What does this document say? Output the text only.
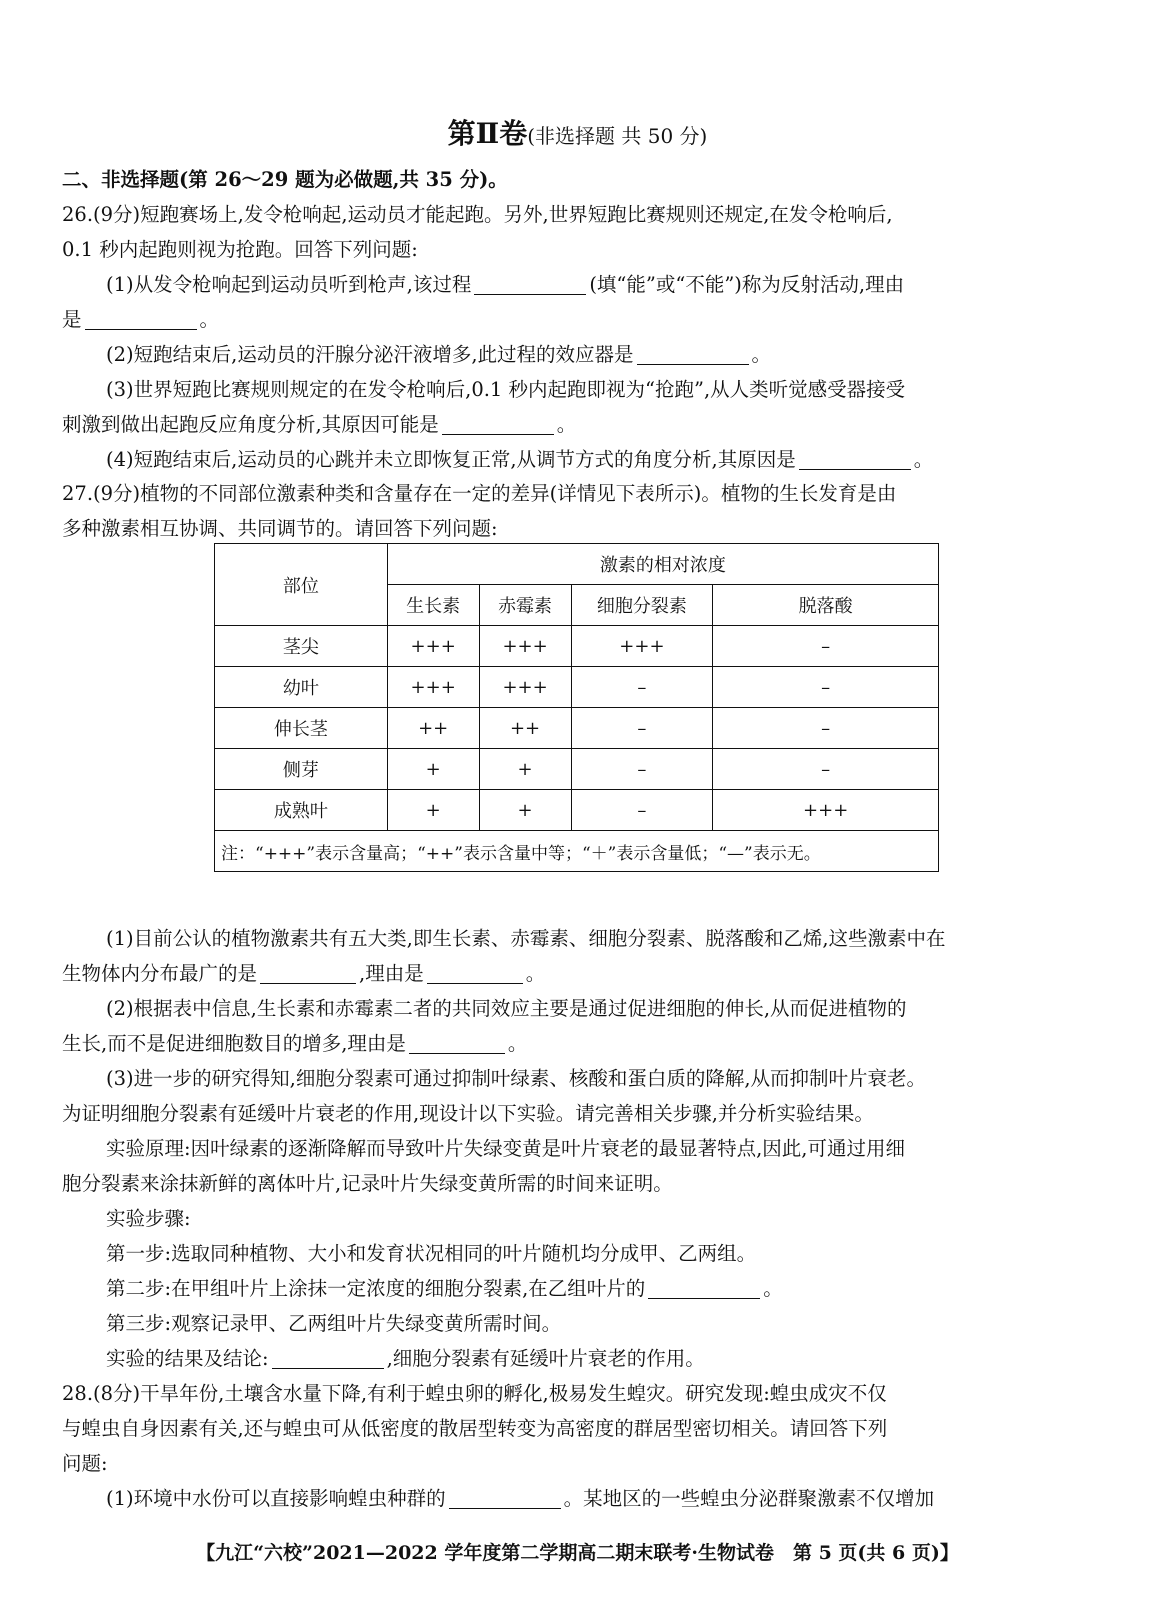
第Ⅱ卷(非选择题 共 50 分)
二、非选择题(第 26～29 题为必做题,共 35 分)。
26.(9分)短跑赛场上,发令枪响起,运动员才能起跑。另外,世界短跑比赛规则还规定,在发令枪响后,
0.1 秒内起跑则视为抢跑。回答下列问题:
(1)从发令枪响起到运动员听到枪声,该过程	(填“能”或“不能”)称为反射活动,理由
是	。
(2)短跑结束后,运动员的汗腺分泌汗液增多,此过程的效应器是	。
(3)世界短跑比赛规则规定的在发令枪响后,0.1 秒内起跑即视为“抢跑”,从人类听觉感受器接受
刺激到做出起跑反应角度分析,其原因可能是	。
(4)短跑结束后,运动员的心跳并未立即恢复正常,从调节方式的角度分析,其原因是	。
27.(9分)植物的不同部位激素种类和含量存在一定的差异(详情见下表所示)。植物的生长发育是由
多种激素相互协调、共同调节的。请回答下列问题:
部位	激素的相对浓度			
	生长素	赤霉素	细胞分裂素	脱落酸
茎尖	+++	+++	+++	–
幼叶	+++	+++	–	–
伸长茎	++	++	–	–
侧芽	+	+	–	–
成熟叶	+	+	–	+++
注：“+++”表示含量高；“++”表示含量中等；“＋”表示含量低；“—”表示无。				
(1)目前公认的植物激素共有五大类,即生长素、赤霉素、细胞分裂素、脱落酸和乙烯,这些激素中在
生物体内分布最广的是	,理由是	。
(2)根据表中信息,生长素和赤霉素二者的共同效应主要是通过促进细胞的伸长,从而促进植物的
生长,而不是促进细胞数目的增多,理由是	。
(3)进一步的研究得知,细胞分裂素可通过抑制叶绿素、核酸和蛋白质的降解,从而抑制叶片衰老。
为证明细胞分裂素有延缓叶片衰老的作用,现设计以下实验。请完善相关步骤,并分析实验结果。
实验原理:因叶绿素的逐渐降解而导致叶片失绿变黄是叶片衰老的最显著特点,因此,可通过用细
胞分裂素来涂抹新鲜的离体叶片,记录叶片失绿变黄所需的时间来证明。
实验步骤:
第一步:选取同种植物、大小和发育状况相同的叶片随机均分成甲、乙两组。
第二步:在甲组叶片上涂抹一定浓度的细胞分裂素,在乙组叶片的	。
第三步:观察记录甲、乙两组叶片失绿变黄所需时间。
实验的结果及结论:	,细胞分裂素有延缓叶片衰老的作用。
28.(8分)干旱年份,土壤含水量下降,有利于蝗虫卵的孵化,极易发生蝗灾。研究发现:蝗虫成灾不仅
与蝗虫自身因素有关,还与蝗虫可从低密度的散居型转变为高密度的群居型密切相关。请回答下列
问题:
(1)环境中水份可以直接影响蝗虫种群的	。某地区的一些蝗虫分泌群聚激素不仅增加
【九江“六校”2021—2022 学年度第二学期高二期末联考·生物试卷　第 5 页(共 6 页)】
